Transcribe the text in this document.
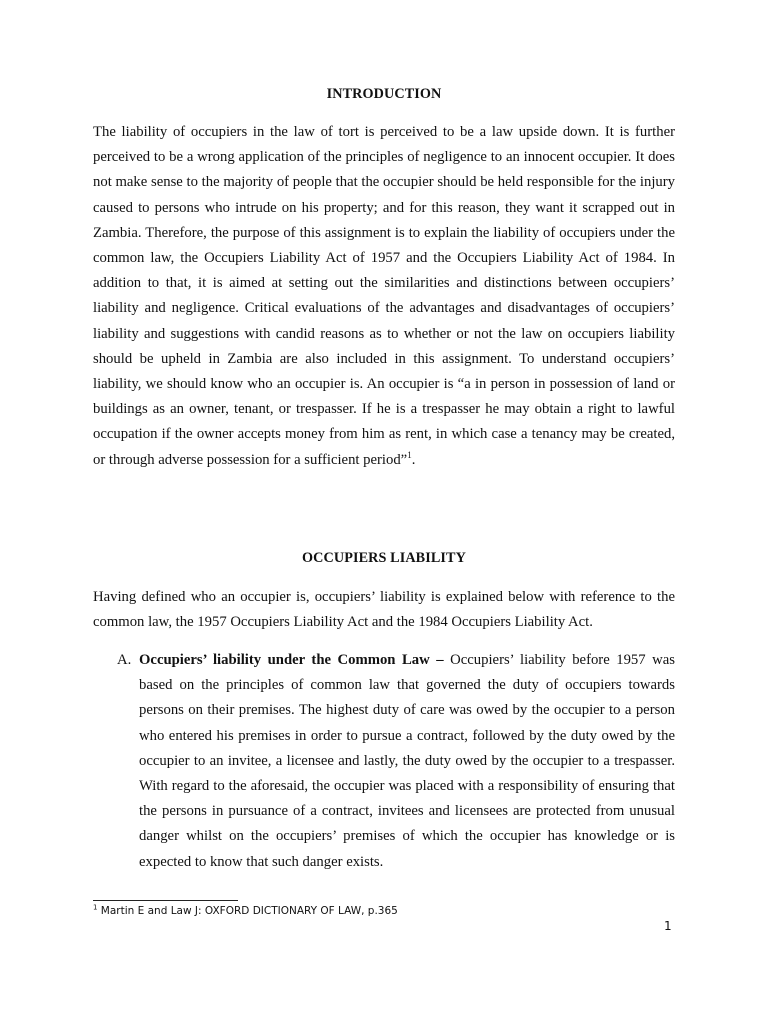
INTRODUCTION

The liability of occupiers in the law of tort is perceived to be a law upside down. It is further perceived to be a wrong application of the principles of negligence to an innocent occupier. It does not make sense to the majority of people that the occupier should be held responsible for the injury caused to persons who intrude on his property; and for this reason, they want it scrapped out in Zambia. Therefore, the purpose of this assignment is to explain the liability of occupiers under the common law, the Occupiers Liability Act of 1957 and the Occupiers Liability Act of 1984. In addition to that, it is aimed at setting out the similarities and distinctions between occupiers’ liability and negligence. Critical evaluations of the advantages and disadvantages of occupiers’ liability and suggestions with candid reasons as to whether or not the law on occupiers liability should be upheld in Zambia are also included in this assignment. To understand occupiers’ liability, we should know who an occupier is. An occupier is “a in person in possession of land or buildings as an owner, tenant, or trespasser. If he is a trespasser he may obtain a right to lawful occupation if the owner accepts money from him as rent, in which case a tenancy may be created, or through adverse possession for a sufficient period”$^1$.

OCCUPIERS LIABILITY

Having defined who an occupier is, occupiers’ liability is explained below with reference to the common law, the 1957 Occupiers Liability Act and the 1984 Occupiers Liability Act.

A. Occupiers’ liability under the Common Law – Occupiers’ liability before 1957 was based on the principles of common law that governed the duty of occupiers towards persons on their premises. The highest duty of care was owed by the occupier to a person who entered his premises in order to pursue a contract, followed by the duty owed by the occupier to an invitee, a licensee and lastly, the duty owed by the occupier to a trespasser. With regard to the aforesaid, the occupier was placed with a responsibility of ensuring that the persons in pursuance of a contract, invitees and licensees are protected from unusual danger whilst on the occupiers’ premises of which the occupier has knowledge or is expected to know that such danger exists.

$^1$ Martin E and Law J: OXFORD DICTIONARY OF LAW, p.365
1
